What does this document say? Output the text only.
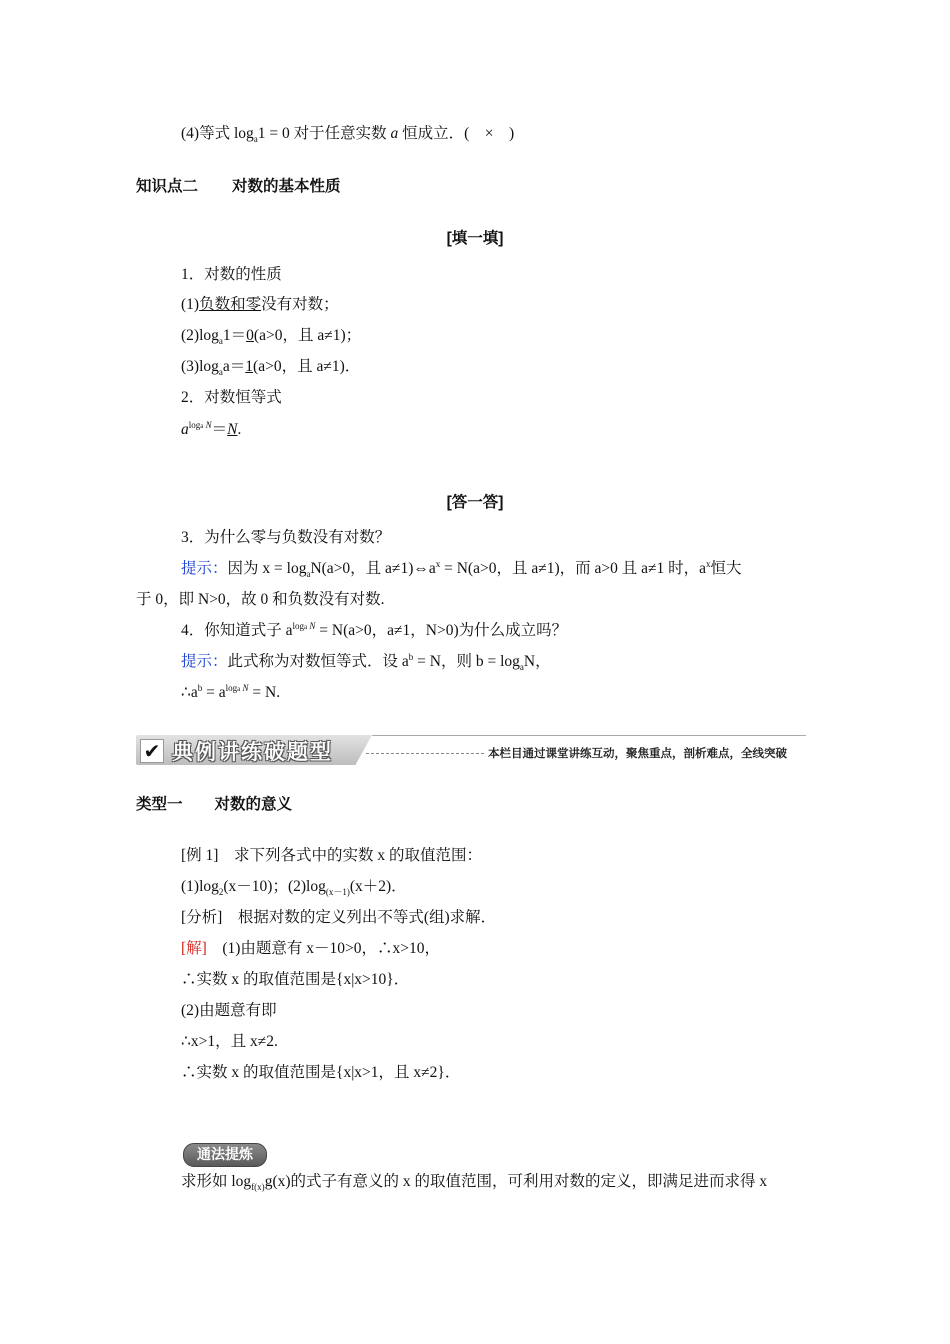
(4)等式 $\log_a1 = 0$ 对于任意实数 a 恒成立．(　×　)
知识点二 对数的基本性质
[填一填]
1．对数的性质
(1)负数和零没有对数；
$(2)\log_a1=0(a>0$，且 a≠1)；
$(3)\log_aa=1(a>0$，且 a≠1)．
2．对数恒等式
$a^{loga N}=N$.
[答一答]
3．为什么零与负数没有对数？
提示：因为 $x = \log_aN(a>0$，且 $a\ne 1)\Leftrightarrow a^x = N(a>0$，且 a≠1)，而 a>0 且 a≠1 时，$a^x$恒大
于 0，即 N>0，故 0 和负数没有对数.
4．你知道式子 $a^{loga N} = N(a>0$，a≠1，N>0)为什么成立吗？
提示：此式称为对数恒等式．设 $a^b = N$，则 $b = \log_aN$，
$\therefore a^b = a^{loga N} = N$.
✔ 典例讲练破题型	本栏目通过课堂讲练互动，聚焦重点，剖析难点，全线突破
类型一 对数的意义
[例 1]　 求下列各式中的实数 x 的取值范围：
$(1)\log_2(x-10)$；$(2)\log_{(x-1)}(x+2)$．
[分析]　 根据对数的定义列出不等式(组)求解．
[解]　 (1)由题意有 x－10>0，∴x>10，
∴实数 x 的取值范围是{x|x>10}．
(2)由题意有即
∴x>1，且 x≠2.
∴实数 x 的取值范围是{x|x>1，且 x≠2}．
通法提炼
求形如 $\log_{f(x)}g(x)$的式子有意义的 x 的取值范围，可利用对数的定义，即满足进而求得 x
